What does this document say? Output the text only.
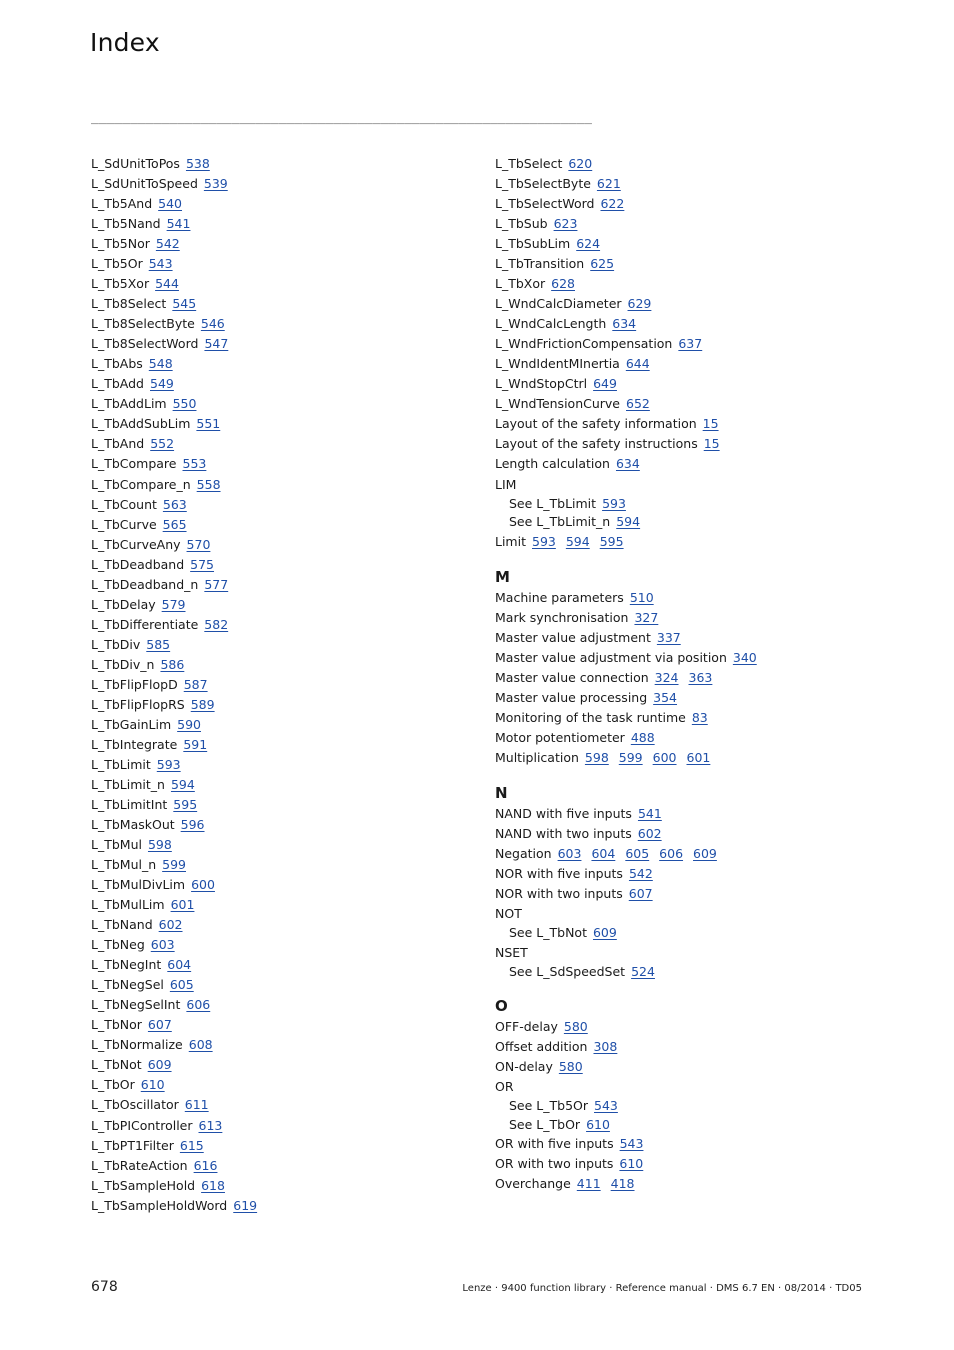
Index
________________________________________________________________
L_SdUnitToPos 538
L_SdUnitToSpeed 539
L_Tb5And 540
L_Tb5Nand 541
L_Tb5Nor 542
L_Tb5Or 543
L_Tb5Xor 544
L_Tb8Select 545
L_Tb8SelectByte 546
L_Tb8SelectWord 547
L_TbAbs 548
L_TbAdd 549
L_TbAddLim 550
L_TbAddSubLim 551
L_TbAnd 552
L_TbCompare 553
L_TbCompare_n 558
L_TbCount 563
L_TbCurve 565
L_TbCurveAny 570
L_TbDeadband 575
L_TbDeadband_n 577
L_TbDelay 579
L_TbDifferentiate 582
L_TbDiv 585
L_TbDiv_n 586
L_TbFlipFlopD 587
L_TbFlipFlopRS 589
L_TbGainLim 590
L_TbIntegrate 591
L_TbLimit 593
L_TbLimit_n 594
L_TbLimitInt 595
L_TbMaskOut 596
L_TbMul 598
L_TbMul_n 599
L_TbMulDivLim 600
L_TbMulLim 601
L_TbNand 602
L_TbNeg 603
L_TbNegInt 604
L_TbNegSel 605
L_TbNegSelInt 606
L_TbNor 607
L_TbNormalize 608
L_TbNot 609
L_TbOr 610
L_TbOscillator 611
L_TbPIController 613
L_TbPT1Filter 615
L_TbRateAction 616
L_TbSampleHold 618
L_TbSampleHoldWord 619
L_TbSelect 620
L_TbSelectByte 621
L_TbSelectWord 622
L_TbSub 623
L_TbSubLim 624
L_TbTransition 625
L_TbXor 628
L_WndCalcDiameter 629
L_WndCalcLength 634
L_WndFrictionCompensation 637
L_WndIdentMInertia 644
L_WndStopCtrl 649
L_WndTensionCurve 652
Layout of the safety information 15
Layout of the safety instructions 15
Length calculation 634
LIM
See L_TbLimit 593
See L_TbLimit_n 594
Limit 593 594 595
M
Machine parameters 510
Mark synchronisation 327
Master value adjustment 337
Master value adjustment via position 340
Master value connection 324 363
Master value processing 354
Monitoring of the task runtime 83
Motor potentiometer 488
Multiplication 598 599 600 601
N
NAND with five inputs 541
NAND with two inputs 602
Negation 603 604 605 606 609
NOR with five inputs 542
NOR with two inputs 607
NOT
See L_TbNot 609
NSET
See L_SdSpeedSet 524
O
OFF-delay 580
Offset addition 308
ON-delay 580
OR
See L_Tb5Or 543
See L_TbOr 610
OR with five inputs 543
OR with two inputs 610
Overchange 411 418
678	Lenze · 9400 function library · Reference manual · DMS 6.7 EN · 08/2014 · TD05
